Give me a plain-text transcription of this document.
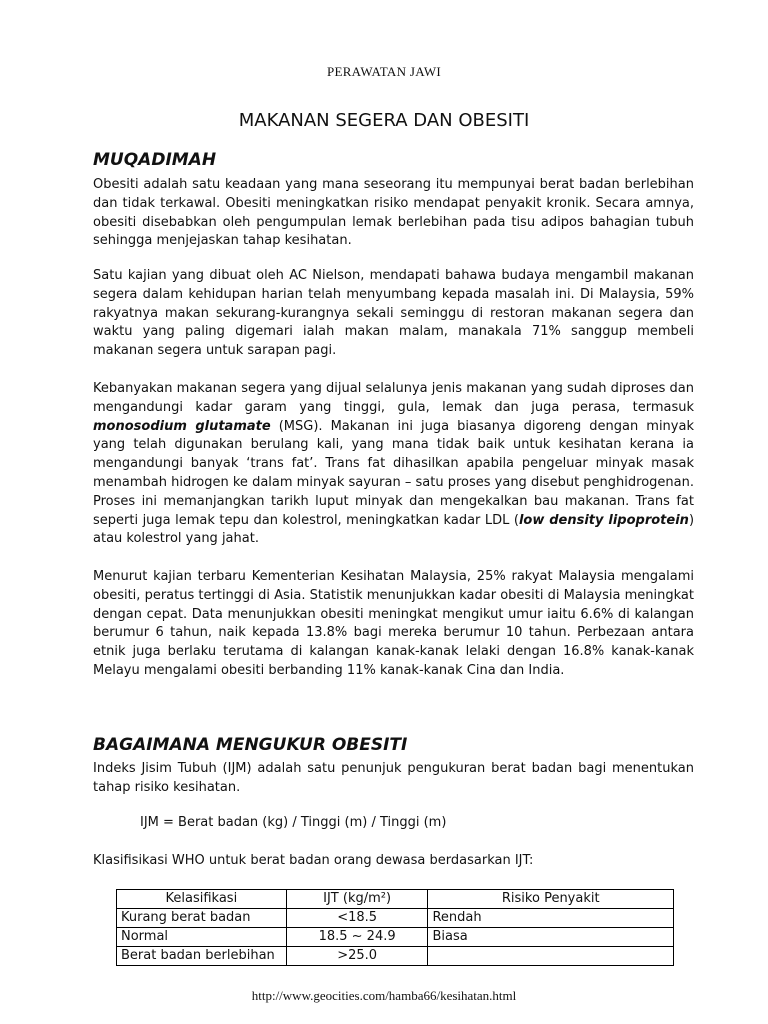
PERAWATAN JAWI
MAKANAN SEGERA DAN OBESITI
MUQADIMAH
Obesiti adalah satu keadaan yang mana seseorang itu mempunyai berat badan berlebihan dan tidak terkawal. Obesiti meningkatkan risiko mendapat penyakit kronik. Secara amnya, obesiti disebabkan oleh pengumpulan lemak berlebihan pada tisu adipos bahagian tubuh sehingga menjejaskan tahap kesihatan.
Satu kajian yang dibuat oleh AC Nielson, mendapati bahawa budaya mengambil makanan segera dalam kehidupan harian telah menyumbang kepada masalah ini. Di Malaysia, 59% rakyatnya makan sekurang-kurangnya sekali seminggu di restoran makanan segera dan waktu yang paling digemari ialah makan malam, manakala 71% sanggup membeli makanan segera untuk sarapan pagi.
Kebanyakan makanan segera yang dijual selalunya jenis makanan yang sudah diproses dan mengandungi kadar garam yang tinggi, gula, lemak dan juga perasa, termasuk monosodium glutamate (MSG). Makanan ini juga biasanya digoreng dengan minyak yang telah digunakan berulang kali, yang mana tidak baik untuk kesihatan kerana ia mengandungi banyak ‘trans fat’. Trans fat dihasilkan apabila pengeluar minyak masak menambah hidrogen ke dalam minyak sayuran – satu proses yang disebut penghidrogenan. Proses ini memanjangkan tarikh luput minyak dan mengekalkan bau makanan. Trans fat seperti juga lemak tepu dan kolestrol, meningkatkan kadar LDL (low density lipoprotein) atau kolestrol yang jahat.
Menurut kajian terbaru Kementerian Kesihatan Malaysia, 25% rakyat Malaysia mengalami obesiti, peratus tertinggi di Asia. Statistik menunjukkan kadar obesiti di Malaysia meningkat dengan cepat. Data menunjukkan obesiti meningkat mengikut umur iaitu 6.6% di kalangan berumur 6 tahun, naik kepada 13.8% bagi mereka berumur 10 tahun. Perbezaan antara etnik juga berlaku terutama di kalangan kanak-kanak lelaki dengan 16.8% kanak-kanak Melayu mengalami obesiti berbanding 11% kanak-kanak Cina dan India.
BAGAIMANA MENGUKUR OBESITI
Indeks Jisim Tubuh (IJM) adalah satu penunjuk pengukuran berat badan bagi menentukan tahap risiko kesihatan.
IJM = Berat badan (kg) / Tinggi (m) / Tinggi (m)
Klasifisikasi WHO untuk berat badan orang dewasa berdasarkan IJT:
Kelasifikasi	IJT (kg/m²)	Risiko Penyakit
Kurang berat badan	<18.5	Rendah
Normal	18.5 ~ 24.9	Biasa
Berat badan berlebihan	>25.0	
http://www.geocities.com/hamba66/kesihatan.html
